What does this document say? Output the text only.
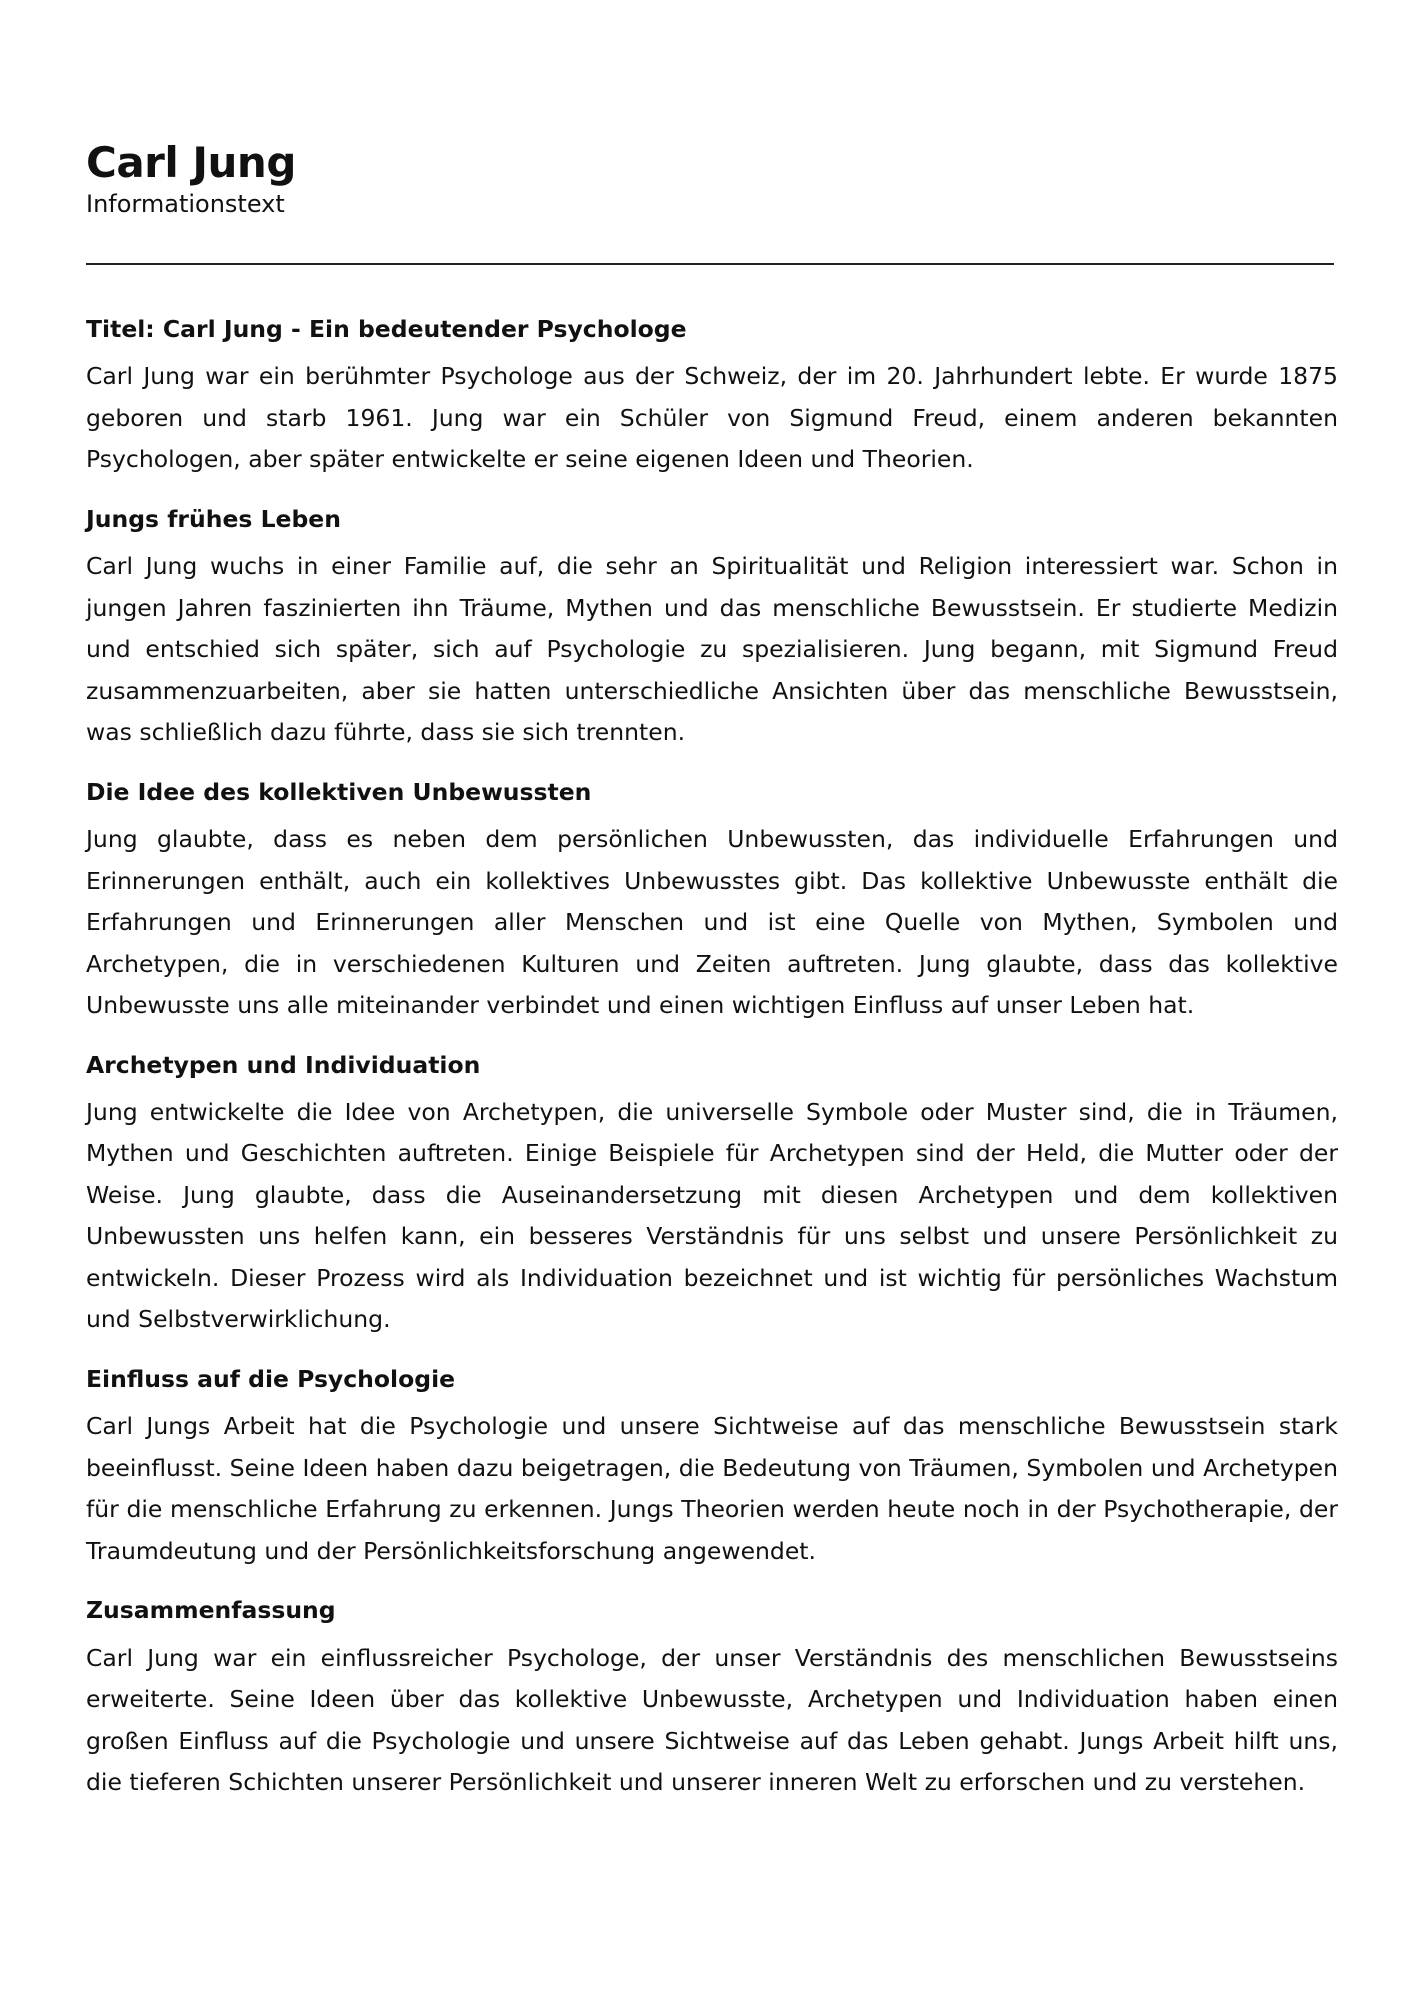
Carl Jung

Informationstext

Titel: Carl Jung - Ein bedeutender Psychologe

Carl Jung war ein berühmter Psychologe aus der Schweiz, der im 20. Jahrhundert lebte. Er wurde 1875 geboren und starb 1961. Jung war ein Schüler von Sigmund Freud, einem anderen bekannten Psychologen, aber später entwickelte er seine eigenen Ideen und Theorien.

Jungs frühes Leben

Carl Jung wuchs in einer Familie auf, die sehr an Spiritualität und Religion interessiert war. Schon in jungen Jahren faszinierten ihn Träume, Mythen und das menschliche Bewusstsein. Er studierte Medizin und entschied sich später, sich auf Psychologie zu spezialisieren. Jung begann, mit Sigmund Freud zusammenzuarbeiten, aber sie hatten unterschiedliche Ansichten über das menschliche Bewusstsein, was schließlich dazu führte, dass sie sich trennten.

Die Idee des kollektiven Unbewussten

Jung glaubte, dass es neben dem persönlichen Unbewussten, das individuelle Erfahrungen und Erinnerungen enthält, auch ein kollektives Unbewusstes gibt. Das kollektive Unbewusste enthält die Erfahrungen und Erinnerungen aller Menschen und ist eine Quelle von Mythen, Symbolen und Archetypen, die in verschiedenen Kulturen und Zeiten auftreten. Jung glaubte, dass das kollektive Unbewusste uns alle miteinander verbindet und einen wichtigen Einfluss auf unser Leben hat.

Archetypen und Individuation

Jung entwickelte die Idee von Archetypen, die universelle Symbole oder Muster sind, die in Träumen, Mythen und Geschichten auftreten. Einige Beispiele für Archetypen sind der Held, die Mutter oder der Weise. Jung glaubte, dass die Auseinandersetzung mit diesen Archetypen und dem kollektiven Unbewussten uns helfen kann, ein besseres Verständnis für uns selbst und unsere Persönlichkeit zu entwickeln. Dieser Prozess wird als Individuation bezeichnet und ist wichtig für persönliches Wachstum und Selbstverwirklichung.

Einfluss auf die Psychologie

Carl Jungs Arbeit hat die Psychologie und unsere Sichtweise auf das menschliche Bewusstsein stark beeinflusst. Seine Ideen haben dazu beigetragen, die Bedeutung von Träumen, Symbolen und Archetypen für die menschliche Erfahrung zu erkennen. Jungs Theorien werden heute noch in der Psychotherapie, der Traumdeutung und der Persönlichkeitsforschung angewendet.

Zusammenfassung

Carl Jung war ein einflussreicher Psychologe, der unser Verständnis des menschlichen Bewusstseins erweiterte. Seine Ideen über das kollektive Unbewusste, Archetypen und Individuation haben einen großen Einfluss auf die Psychologie und unsere Sichtweise auf das Leben gehabt. Jungs Arbeit hilft uns, die tieferen Schichten unserer Persönlichkeit und unserer inneren Welt zu erforschen und zu verstehen.
